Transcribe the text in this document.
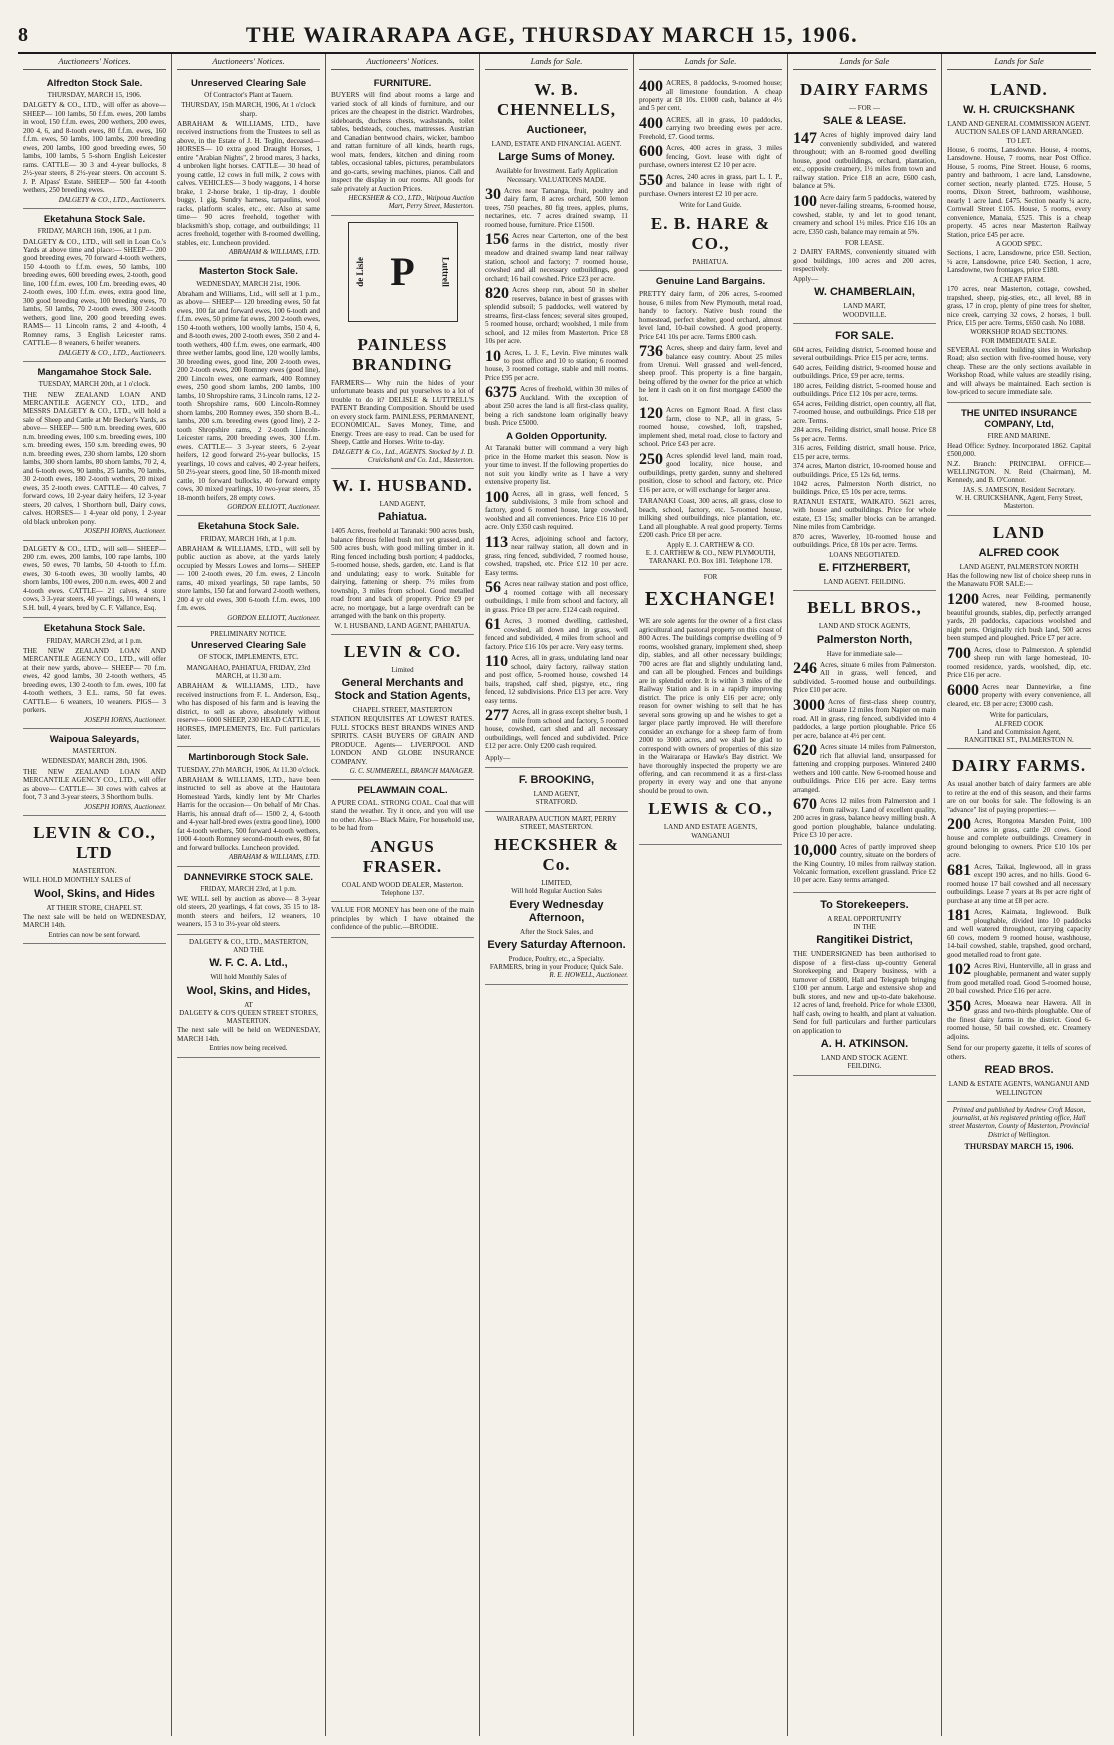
8	THE WAIRARAPA AGE, THURSDAY MARCH 15, 1906.
Auctioneers' Notices.
Alfredton Stock Sale.
THURSDAY, MARCH 15, 1906.

DALGETY & CO., LTD., will offer as above— SHEEP— 100 lambs, 50 f.f.m. ewes, 200 lambs in wool, 150 f.f.m. ewes, 200 wethers, 200 ewes, 200 4, 6, and 8-tooth ewes, 80 f.f.m. ewes, 160 f.f.m. ewes, 50 lambs, 100 lambs, 200 breeding ewes, 200 lambs, 100 good breeding ewes, 50 lambs, 100 lambs, 5 5-shorn English Leicester rams. CATTLE— 30 3 and 4-year bullocks, 8 2½-year steers, 8 2½-year steers. On account S. J. P. Alpass' Estate. SHEEP— 500 fat 4-tooth wethers, 250 breeding ewes.

DALGETY & CO., LTD., Auctioneers.
Eketahuna Stock Sale.
FRIDAY, MARCH 16th, 1906, at 1 p.m.

DALGETY & CO., LTD., will sell in Loan Co.'s Yards at above time and place:— SHEEP— 200 good breeding ewes, 70 forward 4-tooth wethers, 150 4-tooth to f.f.m. ewes, 50 lambs, 100 breeding ewes, 600 breeding ewes, 2-tooth, good line, 100 f.f.m. ewes, 100 f.m. breeding ewes, 40 2-tooth ewes, 100 f.f.m. ewes, extra good line, 300 good breeding ewes, 100 breeding ewes, 70 lambs, 50 lambs, 70 2-tooth ewes, 300 2-tooth wethers, good line, 200 good breeding ewes. RAMS— 11 Lincoln rams, 2 and 4-tooth, 4 Romney rams, 3 English Leicester rams. CATTLE— 8 weaners, 6 heifer weaners.

DALGETY & CO., LTD., Auctioneers.
Mangamahoe Stock Sale.
TUESDAY, MARCH 20th, at 1 o'clock.

THE NEW ZEALAND LOAN AND MERCANTILE AGENCY CO., LTD., and MESSRS DALGETY & CO., LTD., will hold a sale of Sheep and Cattle at Mr Becker's Yards, as above— SHEEP— 500 n.m. breeding ewes, 600 n.m. breeding ewes, 100 s.m. breeding ewes, 100 s.m. breeding ewes, 150 s.m. breeding ewes, 90 n.m. breeding ewes, 230 shorn lambs, 120 shorn lambs, 300 shorn lambs, 80 shorn lambs, 70 2, 4, and 6-tooth ewes, 90 lambs, 25 lambs, 70 lambs, 30 2-tooth ewes, 180 2-tooth wethers, 20 mixed ewes, 35 2-tooth ewes. CATTLE— 40 calves, 7 forward cows, 10 2-year dairy heifers, 12 3-year steers, 20 calves, 1 Shorthorn bull, Dairy cows, calves. HORSES— 1 4-year old pony, 1 2-year old black unbroken pony.

JOSEPH IORNS, Auctioneer.

DALGETY & CO., LTD., will sell— SHEEP— 200 r.m. ewes, 200 lambs, 100 rape lambs, 100 ewes, 50 ewes, 70 lambs, 50 4-tooth to f.f.m. ewes, 30 6-tooth ewes, 30 woolly lambs, 40 shorn lambs, 100 ewes, 200 n.m. ewes, 400 2 and 4-tooth ewes. CATTLE— 21 calves, 4 store cows, 3 3-year steers, 40 yearlings, 10 weaners, 1 S.H. bull, 4 years, bred by C. F. Vallance, Esq.

Eketahuna Stock Sale.
FRIDAY, MARCH 23rd, at 1 p.m.

THE NEW ZEALAND LOAN AND MERCANTILE AGENCY CO., LTD., will offer at their new yards, above— SHEEP— 70 f.m. ewes, 42 good lambs, 30 2-tooth wethers, 45 breeding ewes, 130 2-tooth to f.m. ewes, 100 fat 4-tooth wethers, 3 E.L. rams, 50 fat ewes. CATTLE— 6 weaners, 10 weaners. PIGS— 3 porkers.

JOSEPH IORNS, Auctioneer.
Waipoua Saleyards,
MASTERTON.
WEDNESDAY, MARCH 28th, 1906.

THE NEW ZEALAND LOAN AND MERCANTILE AGENCY CO., LTD., will offer as above— CATTLE— 30 cows with calves at foot, 7 3 and 3-year steers, 3 Shorthorn bulls.

JOSEPH IORNS, Auctioneer.
LEVIN & CO., LTD
MASTERTON.

WILL HOLD MONTHLY SALES of

Wool, Skins, and Hides
AT THEIR STORE, CHAPEL ST.

The next sale will be held on WEDNESDAY, MARCH 14th.

Entries can now be sent forward.
Auctioneers' Notices.
Unreserved Clearing Sale
Of Contractor's Plant at Tauern.
THURSDAY, 15th MARCH, 1906, At 1 o'clock sharp.

ABRAHAM & WILLIAMS, LTD., have received instructions from the Trustees to sell as above, in the Estate of J. H. Teglin, deceased— HORSES— 10 extra good Draught Horses, 1 entire "Arabian Nights", 2 brood mares, 3 hacks, 4 unbroken light horses. CATTLE— 30 head of young cattle, 12 cows in full milk, 2 cows with calves. VEHICLES— 3 body waggons, 1 4 horse brake, 1 2-horse brake, 1 tip-dray, 1 double buggy, 1 gig, Sundry harness, tarpaulins, wool racks, platform scales, etc., etc. Also at same time— 90 acres freehold, together with blacksmith's shop, cottage, and outbuildings; 11 acres freehold, together with 8-roomed dwelling, stables, etc. Luncheon provided.

ABRAHAM & WILLIAMS, LTD.
Masterton Stock Sale.
WEDNESDAY, MARCH 21st, 1906.

Abraham and Williams, Ltd., will sell at 1 p.m., as above— SHEEP— 120 breeding ewes, 50 fat ewes, 100 fat and forward ewes, 100 6-tooth and f.f.m. ewes, 50 prime fat ewes, 200 2-tooth ewes, 150 4-tooth wethers, 100 woolly lambs, 150 4, 6, and 8-tooth ewes, 200 2-tooth ewes, 350 2 and 4-tooth wethers, 400 f.f.m. ewes, one earmark, 400 three wether lambs, good line, 120 woolly lambs, 30 breeding ewes, good line, 200 2-tooth ewes, 200 2-tooth ewes, 200 Romney ewes (good line), 200 Lincoln ewes, one earmark, 400 Romney ewes, 250 good shorn lambs, 200 lambs, 100 lambs, 10 Shropshire rams, 3 Lincoln rams, 12 2-tooth Shropshire rams, 600 Lincoln-Romney shorn lambs, 200 Romney ewes, 350 shorn B.-L. lambs, 200 s.m. breeding ewes (good line), 2 2-tooth Shropshire rams, 2 2-tooth Lincoln-Leicester rams, 200 breeding ewes, 300 f.f.m. ewes. CATTLE— 3 3-year steers, 6 2-year heifers, 12 good forward 2½-year bullocks, 15 yearlings, 10 cows and calves, 40 2-year heifers, 50 2½-year steers, good line, 50 18-month mixed cattle, 10 forward bullocks, 40 forward empty cows, 30 mixed yearlings, 10 two-year steers, 35 18-month heifers, 28 empty cows.

GORDON ELLIOTT, Auctioneer.
Eketahuna Stock Sale.
FRIDAY, MARCH 16th, at 1 p.m.

ABRAHAM & WILLIAMS, LTD., will sell by public auction as above, at the yards lately occupied by Messrs Lowes and Iorns— SHEEP— 100 2-tooth ewes, 20 f.m. ewes, 2 Lincoln rams, 40 mixed yearlings, 50 rape lambs, 50 store lambs, 150 fat and forward 2-tooth wethers, 200 4 yr old ewes, 300 6-tooth f.f.m. ewes, 100 f.m. ewes.

GORDON ELLIOTT, Auctioneer.
PRELIMINARY NOTICE.
Unreserved Clearing Sale
OF STOCK, IMPLEMENTS, ETC.
MANGAHAO, PAHIATUA, FRIDAY, 23rd MARCH, at 11.30 a.m.

ABRAHAM & WILLIAMS, LTD., have received instructions from F. L. Anderson, Esq., who has disposed of his farm and is leaving the district, to sell as above, absolutely without reserve— 6000 SHEEP, 230 HEAD CATTLE, 16 HORSES, IMPLEMENTS, Etc. Full particulars later.

Martinborough Stock Sale.
TUESDAY, 27th MARCH, 1906, At 11.30 o'clock.

ABRAHAM & WILLIAMS, LTD., have been instructed to sell as above at the Hautotara Homestead Yards, kindly lent by Mr Charles Harris for the occasion— On behalf of Mr Chas. Harris, his annual draft of— 1500 2, 4, 6-tooth and 4-year half-bred ewes (extra good line), 1000 fat 4-tooth wethers, 500 forward 4-tooth wethers, 1000 4-tooth Romney second-mouth ewes, 80 fat and forward bullocks. Luncheon provided.

ABRAHAM & WILLIAMS, LTD.
DANNEVIRKE STOCK SALE.
FRIDAY, MARCH 23rd, at 1 p.m.

WE WILL sell by auction as above— 8 3-year old steers, 20 yearlings, 4 fat cows, 35 15 to 18-month steers and heifers, 12 weaners, 10 weaners, 15 3 to 3½-year old steers.

DALGETY & CO., LTD., MASTERTON,
AND THE
W. F. C. A. Ltd.,
Will hold Monthly Sales of
Wool, Skins, and Hides,
AT
DALGETY & CO'S QUEEN STREET STORES, MASTERTON.

The next sale will be held on WEDNESDAY, MARCH 14th.

Entries now being received.
Auctioneers' Notices.
FURNITURE.

BUYERS will find about rooms a large and varied stock of all kinds of furniture, and our prices are the cheapest in the district. Wardrobes, sideboards, duchess chests, washstands, toilet tables, bedsteads, couches, mattresses. Austrian and Canadian bentwood chairs, wicker, bamboo and rattan furniture of all kinds, hearth rugs, wool mats, fenders, kitchen and dining room tables, occasional tables, pictures, perambulators and go-carts, sewing machines, pianos. Call and inspect the display in our rooms. All goods for sale privately at Auction Prices.

HECKSHER & CO., LTD., Waipoua Auction Mart, Perry Street, Masterton.
de Lisle P	Luttrell
PAINLESS BRANDING

FARMERS— Why ruin the hides of your unfortunate beasts and put yourselves to a lot of trouble to do it? DELISLE & LUTTRELL'S PATENT Branding Composition. Should be used on every stock farm. PAINLESS, PERMANENT, ECONOMICAL. Saves Money, Time, and Energy. Trees are easy to read. Can be used for Sheep, Cattle and Horses. Write to-day.

DALGETY & Co., Ltd., AGENTS. Stocked by J. D. Cruickshank and Co. Ltd., Masterton.
W. I. HUSBAND.
LAND AGENT,
Pahiatua.

1405 Acres, freehold at Taranaki: 900 acres bush, balance fibrous felled bush not yet grassed, and 500 acres bush, with good milling timber in it. Ring fenced including bush portion; 4 paddocks, 5-roomed house, sheds, garden, etc. Land is flat and undulating; easy to work. Suitable for dairying, fattening or sheep. 7½ miles from township, 3 miles from school. Good metalled road front and back of property. Price £9 per acre, no mortgage, but a large overdraft can be arranged with the bank on this property.

W. I. HUSBAND, LAND AGENT, PAHIATUA.
LEVIN & CO.
Limited
General Merchants and Stock and Station Agents,
CHAPEL STREET, MASTERTON

STATION REQUISITES AT LOWEST RATES. FULL STOCKS BEST BRANDS WINES AND SPIRITS. CASH BUYERS OF GRAIN AND PRODUCE. Agents— LIVERPOOL AND LONDON AND GLOBE INSURANCE COMPANY.

G. C. SUMMERELL, BRANCH MANAGER.
PELAWMAIN COAL.

A PURE COAL. STRONG COAL. Coal that will stand the weather. Try it once, and you will use no other. Also— Black Maire, For household use, to be had from

ANGUS FRASER.
COAL AND WOOD DEALER, Masterton. Telephone 137.

VALUE FOR MONEY has been one of the main principles by which I have obtained the confidence of the public.—BRODIE.

Lands for Sale.
W. B. CHENNELLS,
Auctioneer,
LAND, ESTATE AND FINANCIAL AGENT.
Large Sums of Money.
Available for Investment. Early Application Necessary. VALUATIONS MADE.
30 Acres near Tamanga, fruit, poultry and dairy farm, 8 acres orchard, 500 lemon trees, 750 peaches, 80 fig trees, apples, plums, nectarines, etc. 7 acres drained swamp, 11 roomed house, furniture. Price £1500.
156 Acres near Carterton, one of the best farms in the district, mostly river meadow and drained swamp land near railway station, school and factory; 7 roomed house, cowshed and all necessary outbuildings, good orchard; 16 bail cowshed. Price £23 per acre.
820 Acres sheep run, about 50 in shelter reserves, balance in best of grasses with splendid subsoil; 5 paddocks, well watered by streams, first-class fences; several sites grouped, 5 roomed house, orchard; woolshed, 1 mile from school, and 12 miles from Masterton. Price £8 10s per acre.
10 Acres, L. J. F., Levin. Five minutes walk to post office and 10 to station; 6 roomed house, 3 roomed cottage, stable and mill rooms. Price £95 per acre.
6375 Acres of freehold, within 30 miles of Auckland. With the exception of about 250 acres the land is all first-class quality, being a rich sandstone loam originally heavy bush. Price £5000.
A Golden Opportunity.

At Taranaki butter will command a very high price in the Home market this season. Now is your time to invest. If the following properties do not suit you kindly write as I have a very extensive property list.

100 Acres, all in grass, well fenced, 5 subdivisions, 3 mile from school and factory, good 6 roomed house, large cowshed, woolshed and all conveniences. Price £16 10 per acre. Only £350 cash required.
113 Acres, adjoining school and factory, near railway station, all down and in grass, ring fenced, subdivided, 7 roomed house, cowshed, trapshed, etc. Price £12 10 per acre. Easy terms.
56 Acres near railway station and post office, 4 roomed cottage with all necessary outbuildings, 1 mile from school and factory, all in grass. Price £8 per acre. £124 cash required.
61 Acres, 3 roomed dwelling, cattleshed, cowshed, all down and in grass, well fenced and subdivided, 4 miles from school and factory. Price £16 10s per acre. Very easy terms.
110 Acres, all in grass, undulating land near school, dairy factory, railway station and post office, 5-roomed house, cowshed 14 bails, trapshed, calf shed, pigstye, etc., ring fenced, 12 subdivisions. Price £13 per acre. Very easy terms.
277 Acres, all in grass except shelter bush, 1 mile from school and factory, 5 roomed house, cowshed, cart shed and all necessary outbuildings, well fenced and subdivided. Price £12 per acre. Only £200 cash required.

Apply—

F. BROOKING,
LAND AGENT,
STRATFORD.
WAIRARAPA AUCTION MART, PERRY STREET, MASTERTON.
HECKSHER & Co.
LIMITED,
Will hold Regular Auction Sales
Every Wednesday Afternoon,
After the Stock Sales, and
Every Saturday Afternoon.
Produce, Poultry, etc., a Specialty.
FARMERS, bring in your Produce; Quick Sale.
R. E. HOWELL, Auctioneer.
Lands for Sale.
400 ACRES, 8 paddocks, 9-roomed house; all limestone foundation. A cheap property at £8 10s. £1000 cash, balance at 4½ and 5 per cent.
400 ACRES, all in grass, 10 paddocks, carrying two breeding ewes per acre. Freehold, £7. Good terms.
600 Acres, 400 acres in grass, 3 miles fencing, Govt. lease with right of purchase, owners interest £2 10 per acre.
550 Acres, 240 acres in grass, part L. I. P., and balance in lease with right of purchase. Owners interest £2 10 per acre.
Write for Land Guide.
E. B. HARE & CO.,
PAHIATUA.
Genuine Land Bargains.
PRETTY dairy farm, of 206 acres, 5-roomed house, 6 miles from New Plymouth, metal road, handy to factory. Native bush round the homestead, perfect shelter, good orchard, almost level land, 10-bail cowshed. A good property. Price £41 10s per acre. Terms £800 cash.
736 Acres, sheep and dairy farm, level and balance easy country. About 25 miles from Urenui. Well grassed and well-fenced, sheep proof. This property is a fine bargain, being offered by the owner for the price at which he lent it cash on it on first mortgage £4500 the lot.
120 Acres on Egmont Road. A first class farm, close to N.P., all in grass, 5-roomed house, cowshed, loft, trapshed, implement shed, metal road, close to factory and school. Price £43 per acre.
250 Acres splendid level land, main road, good locality, nice house, and outbuildings, pretty garden, sunny and sheltered position, close to school and factory, etc. Price £16 per acre, or will exchange for larger area.

TARANAKI Coast, 300 acres, all grass, close to beach, school, factory, etc. 5-roomed house, milking shed outbuildings, nice plantation, etc. Land all ploughable. A real good property. Terms £200 cash. Price £8 per acre.

Apply E. J. CARTHEW & CO.
E. J. CARTHEW & CO., NEW PLYMOUTH, TARANAKI. P.O. Box 181. Telephone 178.
FOR
EXCHANGE!

WE are sole agents for the owner of a first class agricultural and pastoral property on this coast of 800 Acres. The buildings comprise dwelling of 9 rooms, woolshed granary, implement shed, sheep dip, stables, and all other necessary buildings; 700 acres are flat and slightly undulating land, and can all be ploughed. Fences and buildings are in splendid order. It is within 3 miles of the Railway Station and is in a rapidly improving district. The price is only £16 per acre; only reason for owner wishing to sell that he has several sons growing up and he wishes to get a larger place partly improved. He will therefore consider an exchange for a sheep farm of from 2000 to 3000 acres, and we shall be glad to correspond with owners of properties of this size in the Wairarapa or Hawke's Bay district. We have thoroughly inspected the property we are offering, and can recommend it as a first-class property in every way and one that anyone should be proud to own.

LEWIS & CO.,
LAND AND ESTATE AGENTS,
WANGANUI
Lands for Sale
DAIRY FARMS
— FOR —
SALE & LEASE.
147 Acres of highly improved dairy land conveniently subdivided, and watered throughout; with an 8-roomed good dwelling house, good outbuildings, orchard, plantation, etc., opposite creamery, 1½ miles from town and railway station. Price £18 an acre, £600 cash, balance at 5%.
100 Acre dairy farm 5 paddocks, watered by never-failing streams, 6-roomed house, cowshed, stable, ty and let to good tenant, creamery and school 1½ miles. Price £16 10s an acre, £350 cash, balance may remain at 5%.
FOR LEASE.

2 DAIRY FARMS, conveniently situated with good buildings, 100 acres and 200 acres, respectively.

Apply—

W. CHAMBERLAIN,
LAND MART,
WOODVILLE.
FOR SALE.

604 acres, Feilding district, 5-roomed house and several outbuildings. Price £15 per acre, terms.

640 acres, Feilding district, 9-roomed house and outbuildings. Price, £9 per acre, terms.

180 acres, Feilding district, 5-roomed house and outbuildings. Price £12 10s per acre, terms.

654 acres, Feilding district, open country, all flat, 7-roomed house, and outbuildings. Price £18 per acre. Terms.

284 acres, Feilding district, small house. Price £8 5s per acre. Terms.

316 acres, Feilding district, small house. Price, £15 per acre, terms.

374 acres, Marton district, 10-roomed house and outbuildings. Price, £5 12s 6d, terms.

1042 acres, Palmerston North district, no buildings. Price, £5 10s per acre, terms.

RATANUI ESTATE, WAIKATO. 5621 acres, with house and outbuildings. Price for whole estate, £3 15s; smaller blocks can be arranged. Nine miles from Cambridge.

870 acres, Waverley, 10-roomed house and outbuildings. Price, £8 10s per acre. Terms.

LOANS NEGOTIATED.
E. FITZHERBERT,
LAND AGENT. FEILDING.
BELL BROS.,
LAND AND STOCK AGENTS,
Palmerston North,
Have for immediate sale—
246 Acres, situate 6 miles from Palmerston. All in grass, well fenced, and subdivided. 5-roomed house and outbuildings. Price £10 per acre.
3000 Acres of first-class sheep country, situate 12 miles from Napier on main road. All in grass, ring fenced, subdivided into 4 paddocks, a large portion ploughable. Price £6 per acre, balance at 4½ per cent.
620 Acres situate 14 miles from Palmerston, rich flat alluvial land, unsurpassed for fattening and cropping purposes. Wintered 2400 wethers and 100 cattle. New 6-roomed house and outbuildings. Price £16 per acre. Easy terms arranged.
670 Acres 12 miles from Palmerston and 1 from railway. Land of excellent quality, 200 acres in grass, balance heavy milling bush. A good portion ploughable, balance undulating. Price £3 10 per acre.
10,000 Acres of partly improved sheep country, situate on the borders of the King Country, 10 miles from railway station. Volcanic formation, excellent grassland. Price £2 10 per acre. Easy terms arranged.
To Storekeepers.
A REAL OPPORTUNITY
IN THE
Rangitikei District,

THE UNDERSIGNED has been authorised to dispose of a first-class up-country General Storekeeping and Drapery business, with a turnover of £6800, Hall and Telegraph bringing £100 per annum. Large and extensive shop and bulk stores, and new and up-to-date bakehouse. 12 acres of land, freehold. Price for whole £3300, half cash, owing to health, and plant at valuation. Send for full particulars and further particulars on application to

A. H. ATKINSON.
LAND AND STOCK AGENT.
FEILDING.
Lands for Sale
LAND.
W. H. CRUICKSHANK
LAND AND GENERAL COMMISSION AGENT. AUCTION SALES OF LAND ARRANGED.
TO LET.

House, 6 rooms, Lansdowne. House, 4 rooms, Lansdowne. House, 7 rooms, near Post Office. House, 5 rooms, Pine Street. House, 6 rooms, pantry and bathroom, 1 acre land, Lansdowne, corner section, nearly planted. £725. House, 5 rooms, Dixon Street, bathroom, washhouse, nearly 1 acre land. £475. Section nearly ¼ acre, Cornwall Street £105. House, 5 rooms, every convenience, Manaia, £525. This is a cheap property. 45 acres near Masterton Railway Station, price £45 per acre.

A GOOD SPEC.

Sections, 1 acre, Lansdowne, price £50. Section, ¼ acre, Lansdowne, price £40. Section, 1 acre, Lansdowne, two frontages, price £180.

A CHEAP FARM.

170 acres, near Masterton, cottage, cowshed, trapshed, sheep, pig-sties, etc., all level, 88 in grass, 17 in crop, plenty of pine trees for shelter, nice creek, carrying 32 cows, 2 horses, 1 bull. Price, £15 per acre. Terms, £650 cash. No 1088.

WORKSHOP ROAD SECTIONS.
FOR IMMEDIATE SALE.

SEVERAL excellent building sites in Workshop Road; also section with five-roomed house, very cheap. These are the only sections available in Workshop Road, while values are steadily rising, and will always be maintained. Each section is low-priced to secure immediate sale.

THE UNITED INSURANCE COMPANY, Ltd,
FIRE AND MARINE.

Head Office: Sydney. Incorporated 1862. Capital £500,000.

N.Z. Branch: PRINCIPAL OFFICE—WELLINGTON. N. Reid (Chairman), M. Kennedy, and B. O'Connor.

JAS. S. JAMESON, Resident Secretary.
W. H. CRUICKSHANK, Agent, Ferry Street, Masterton.
LAND
ALFRED COOK
LAND AGENT, PALMERSTON NORTH

Has the following new list of choice sheep runs in the Manawatu FOR SALE:—

1200 Acres, near Feilding, permanently watered, new 8-roomed house, beautiful grounds, stables, dip, perfectly arranged yards, 20 paddocks, capacious woolshed and night pens. Originally rich bush land, 500 acres been stumped and ploughed. Price £7 per acre.
700 Acres, close to Palmerston. A splendid sheep run with large homestead, 10-roomed residence, yards, woolshed, dip, etc. Price £16 per acre.
6000 Acres near Dannevirke, a fine property with every convenience, all cleared, etc. £8 per acre; £3000 cash.
Write for particulars,
ALFRED COOK
Land and Commission Agent,
RANGITIKEI ST., PALMERSTON N.
DAIRY FARMS.

As usual another batch of dairy farmers are able to retire at the end of this season, and their farms are on our books for sale. The following is an "advance" list of paying properties:—

200 Acres, Rongotea Marsden Point, 100 acres in grass, cattle 20 cows. Good house and complete outbuildings. Creamery in ground belonging to owners. Price £10 10s per acre.
681 Acres, Taikai, Inglewood, all in grass except 190 acres, and no hills. Good 6-roomed house 17 bail cowshed and all necessary outbuildings. Lease 7 years at 8s per acre right of purchase at any time at £8 per acre.
181 Acres, Kaimata, Inglewood. Bulk ploughable, divided into 10 paddocks and well watered throughout, carrying capacity 60 cows, modern 9 roomed house, washhouse, 14-bail cowshed, stable, trapshed, good orchard, good metalled road to front gate.
102 Acres Rivi, Hunterville, all in grass and ploughable, permanent and water supply from good metalled road. Good 5-roomed house, 20 bail cowshed. Price £16 per acre.
350 Acres, Moeawa near Hawera. All in grass and two-thirds ploughable. One of the finest dairy farms in the district. Good 6-roomed house, 50 bail cowshed, etc. Creamery adjoins.

Send for our property gazette, it tells of scores of others.

READ BROS.
LAND & ESTATE AGENTS, WANGANUI AND WELLINGTON
Printed and published by Andrew Croft Mason, journalist, at his registered printing office, Hall street Masterton, County of Masterton, Provincial District of Wellington.
THURSDAY MARCH 15, 1906.
